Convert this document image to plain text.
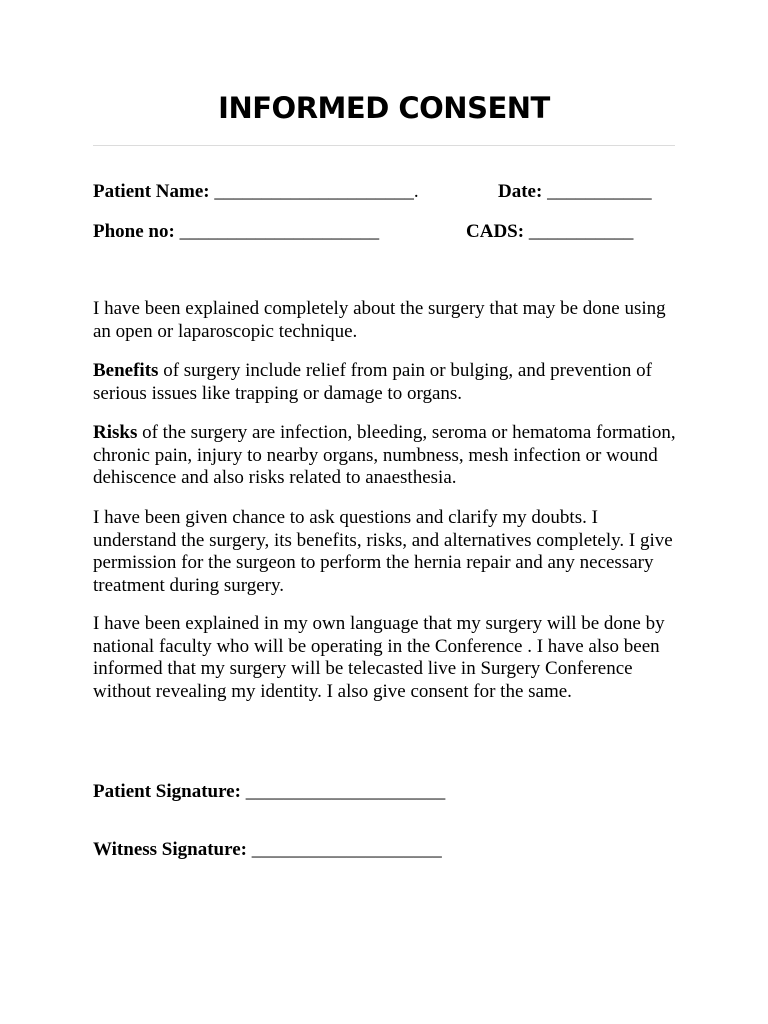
INFORMED CONSENT
Patient Name: _____________________.	Date: ___________
Phone no: _____________________	CADS: ___________

I have been explained completely about the surgery that may be done using an open or laparoscopic technique.

Benefits of surgery include relief from pain or bulging, and prevention of serious issues like trapping or damage to organs.

Risks of the surgery are infection, bleeding, seroma or hematoma formation, chronic pain, injury to nearby organs, numbness, mesh infection or wound dehiscence and also risks related to anaesthesia.

I have been given chance to ask questions and clarify my doubts. I understand the surgery, its benefits, risks, and alternatives completely. I give permission for the surgeon to perform the hernia repair and any necessary treatment during surgery.

I have been explained in my own language that my surgery will be done by national faculty who will be operating in the Conference . I have also been informed that my surgery will be telecasted live in Surgery Conference without revealing my identity. I also give consent for the same.

Patient Signature: _____________________
Witness Signature: ____________________
